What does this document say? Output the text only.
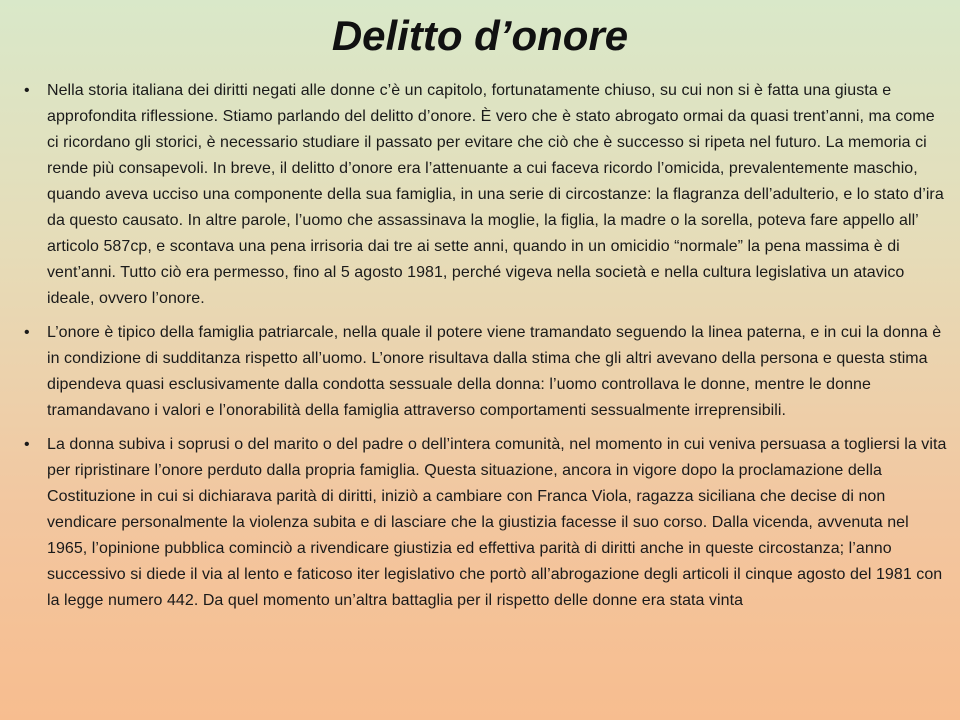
Delitto d’onore
• Nella storia italiana dei diritti negati alle donne c’è un capitolo, fortunatamente chiuso, su cui non si è fatta una giusta e approfondita riflessione. Stiamo parlando del delitto d’onore. È vero che è stato abrogato ormai da quasi trent’anni, ma come ci ricordano gli storici, è necessario studiare il passato per evitare che ciò che è successo si ripeta nel futuro. La memoria ci rende più consapevoli. In breve, il delitto d’onore era l’attenuante a cui faceva ricordo l’omicida, prevalentemente maschio, quando aveva ucciso una componente della sua famiglia, in una serie di circostanze: la flagranza dell’adulterio, e lo stato d’ira da questo causato. In altre parole, l’uomo che assassinava la moglie, la figlia, la madre o la sorella, poteva fare appello all’ articolo 587cp, e scontava una pena irrisoria dai tre ai sette anni, quando in un omicidio “normale” la pena massima è di vent’anni. Tutto ciò era permesso, fino al 5 agosto 1981, perché vigeva nella società e nella cultura legislativa un atavico ideale, ovvero l’onore.
• L’onore è tipico della famiglia patriarcale, nella quale il potere viene tramandato seguendo la linea paterna, e in cui la donna è in condizione di sudditanza rispetto all’uomo. L’onore risultava dalla stima che gli altri avevano della persona e questa stima dipendeva quasi esclusivamente dalla condotta sessuale della donna: l’uomo controllava le donne, mentre le donne tramandavano i valori e l’onorabilità della famiglia attraverso comportamenti sessualmente irreprensibili.
• La donna subiva i soprusi o del marito o del padre o dell’intera comunità, nel momento in cui veniva persuasa a togliersi la vita per ripristinare l’onore perduto dalla propria famiglia. Questa situazione, ancora in vigore dopo la proclamazione della Costituzione in cui si dichiarava parità di diritti, iniziò a cambiare con Franca Viola, ragazza siciliana che decise di non vendicare personalmente la violenza subita e di lasciare che la giustizia facesse il suo corso. Dalla vicenda, avvenuta nel 1965, l’opinione pubblica cominciò a rivendicare giustizia ed effettiva parità di diritti anche in queste circostanza; l’anno successivo si diede il via al lento e faticoso iter legislativo che portò all’abrogazione degli articoli il cinque agosto del 1981 con la legge numero 442. Da quel momento un’altra battaglia per il rispetto delle donne era stata vinta
